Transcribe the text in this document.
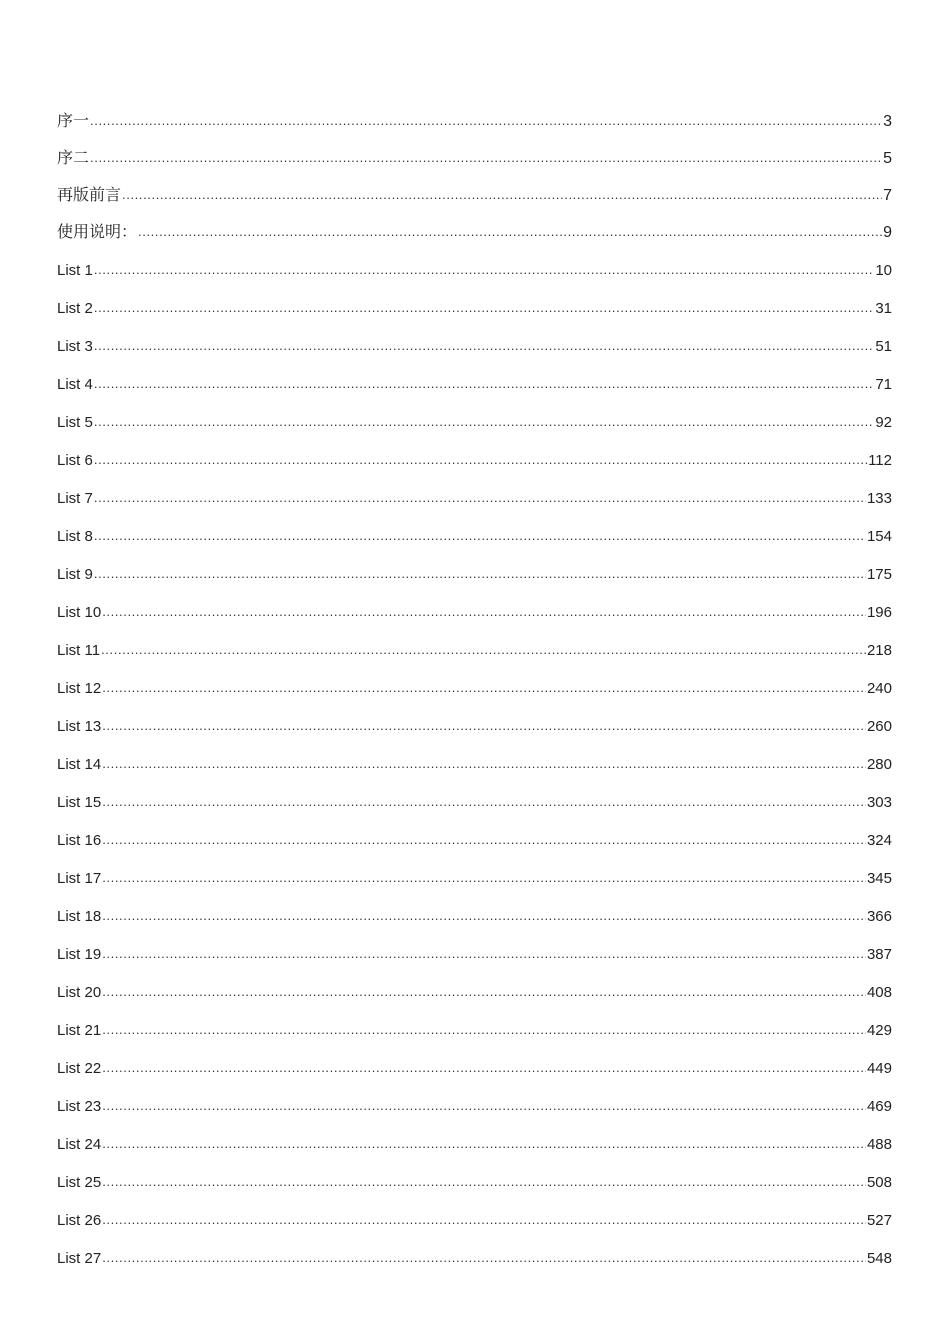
序一 .....	3
序二 .....	5
再版前言 .....	7
使用说明： .....	9
List 1 .....	10
List 2 .....	31
List 3 .....	51
List 4 .....	71
List 5 .....	92
List 6 .....	112
List 7 .....	133
List 8 .....	154
List 9 .....	175
List 10 .....	196
List 11 .....	218
List 12 .....	240
List 13 .....	260
List 14 .....	280
List 15 .....	303
List 16 .....	324
List 17 .....	345
List 18 .....	366
List 19 .....	387
List 20 .....	408
List 21 .....	429
List 22 .....	449
List 23 .....	469
List 24 .....	488
List 25 .....	508
List 26 .....	527
List 27 .....	548
